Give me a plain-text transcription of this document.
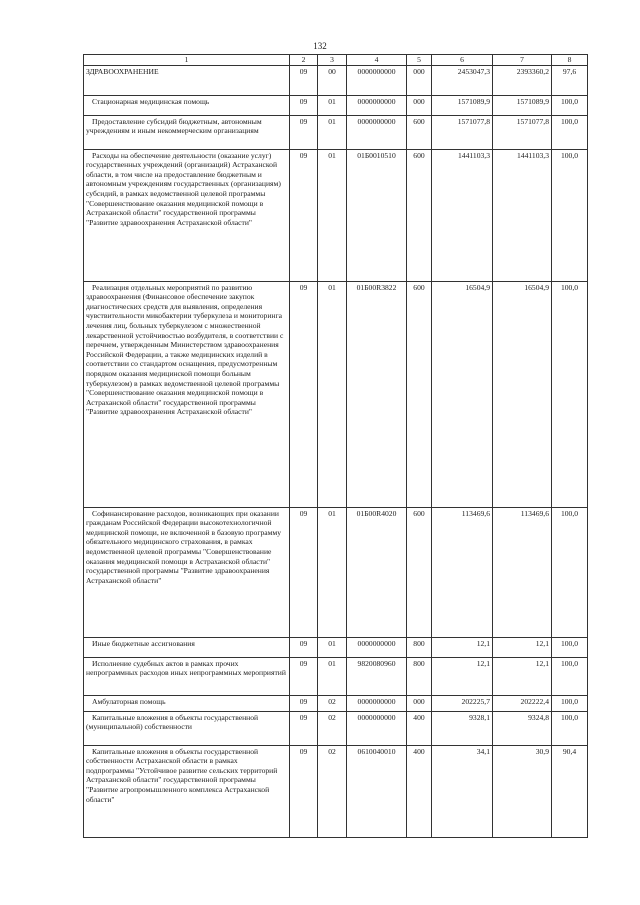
132
1	2	3	4	5	6	7	8
ЗДРАВООХРАНЕНИЕ	09	00	0000000000	000	2453047,3	2393360,2	97,6
Стационарная медицинская помощь	09	01	0000000000	000	1571089,9	1571089,9	100,0
Предоставление субсидий бюджетным, автономным учреждениям и иным некоммерческим организациям	09	01	0000000000	600	1571077,8	1571077,8	100,0
Расходы на обеспечение деятельности (оказание услуг) государственных учреждений (организаций) Астраханской области, в том числе на предоставление бюджетным и автономным учреждениям государственных (организациям) субсидий, в рамках ведомственной целевой программы "Совершенствование оказания медицинской помощи в Астраханской области" государственной программы "Развитие здравоохранения Астраханской области"	09	01	01Б0010510	600	1441103,3	1441103,3	100,0
Реализация отдельных мероприятий по развитию здравоохранения (Финансовое обеспечение закупок диагностических средств для выявления, определения чувствительности микобактерии туберкулеза и мониторинга лечения лиц, больных туберкулезом с множественной лекарственной устойчивостью возбудителя, в соответствии с перечнем, утвержденным Министерством здравоохранения Российской Федерации, а также медицинских изделий в соответствии со стандартом оснащения, предусмотренным порядком оказания медицинской помощи больным туберкулезом) в рамках ведомственной целевой программы "Совершенствование оказания медицинской помощи в Астраханской области" государственной программы "Развитие здравоохранения Астраханской области"	09	01	01Б00R3822	600	16504,9	16504,9	100,0
Софинансирование расходов, возникающих при оказании гражданам Российской Федерации высокотехнологичной медицинской помощи, не включенной в базовую программу обязательного медицинского страхования, в рамках ведомственной целевой программы "Совершенствование оказания медицинской помощи в Астраханской области" государственной программы "Развитие здравоохранения Астраханской области"	09	01	01Б00R4020	600	113469,6	113469,6	100,0
Иные бюджетные ассигнования	09	01	0000000000	800	12,1	12,1	100,0
Исполнение судебных актов в рамках прочих непрограммных расходов иных непрограммных мероприятий	09	01	9820080960	800	12,1	12,1	100,0
Амбулаторная помощь	09	02	0000000000	000	202225,7	202222,4	100,0
Капитальные вложения в объекты государственной (муниципальной) собственности	09	02	0000000000	400	9328,1	9324,8	100,0
Капитальные вложения в объекты государственной собственности Астраханской области в рамках подпрограммы "Устойчивое развитие сельских территорий Астраханской области" государственной программы "Развитие агропромышленного комплекса Астраханской области"	09	02	0610040010	400	34,1	30,9	90,4
